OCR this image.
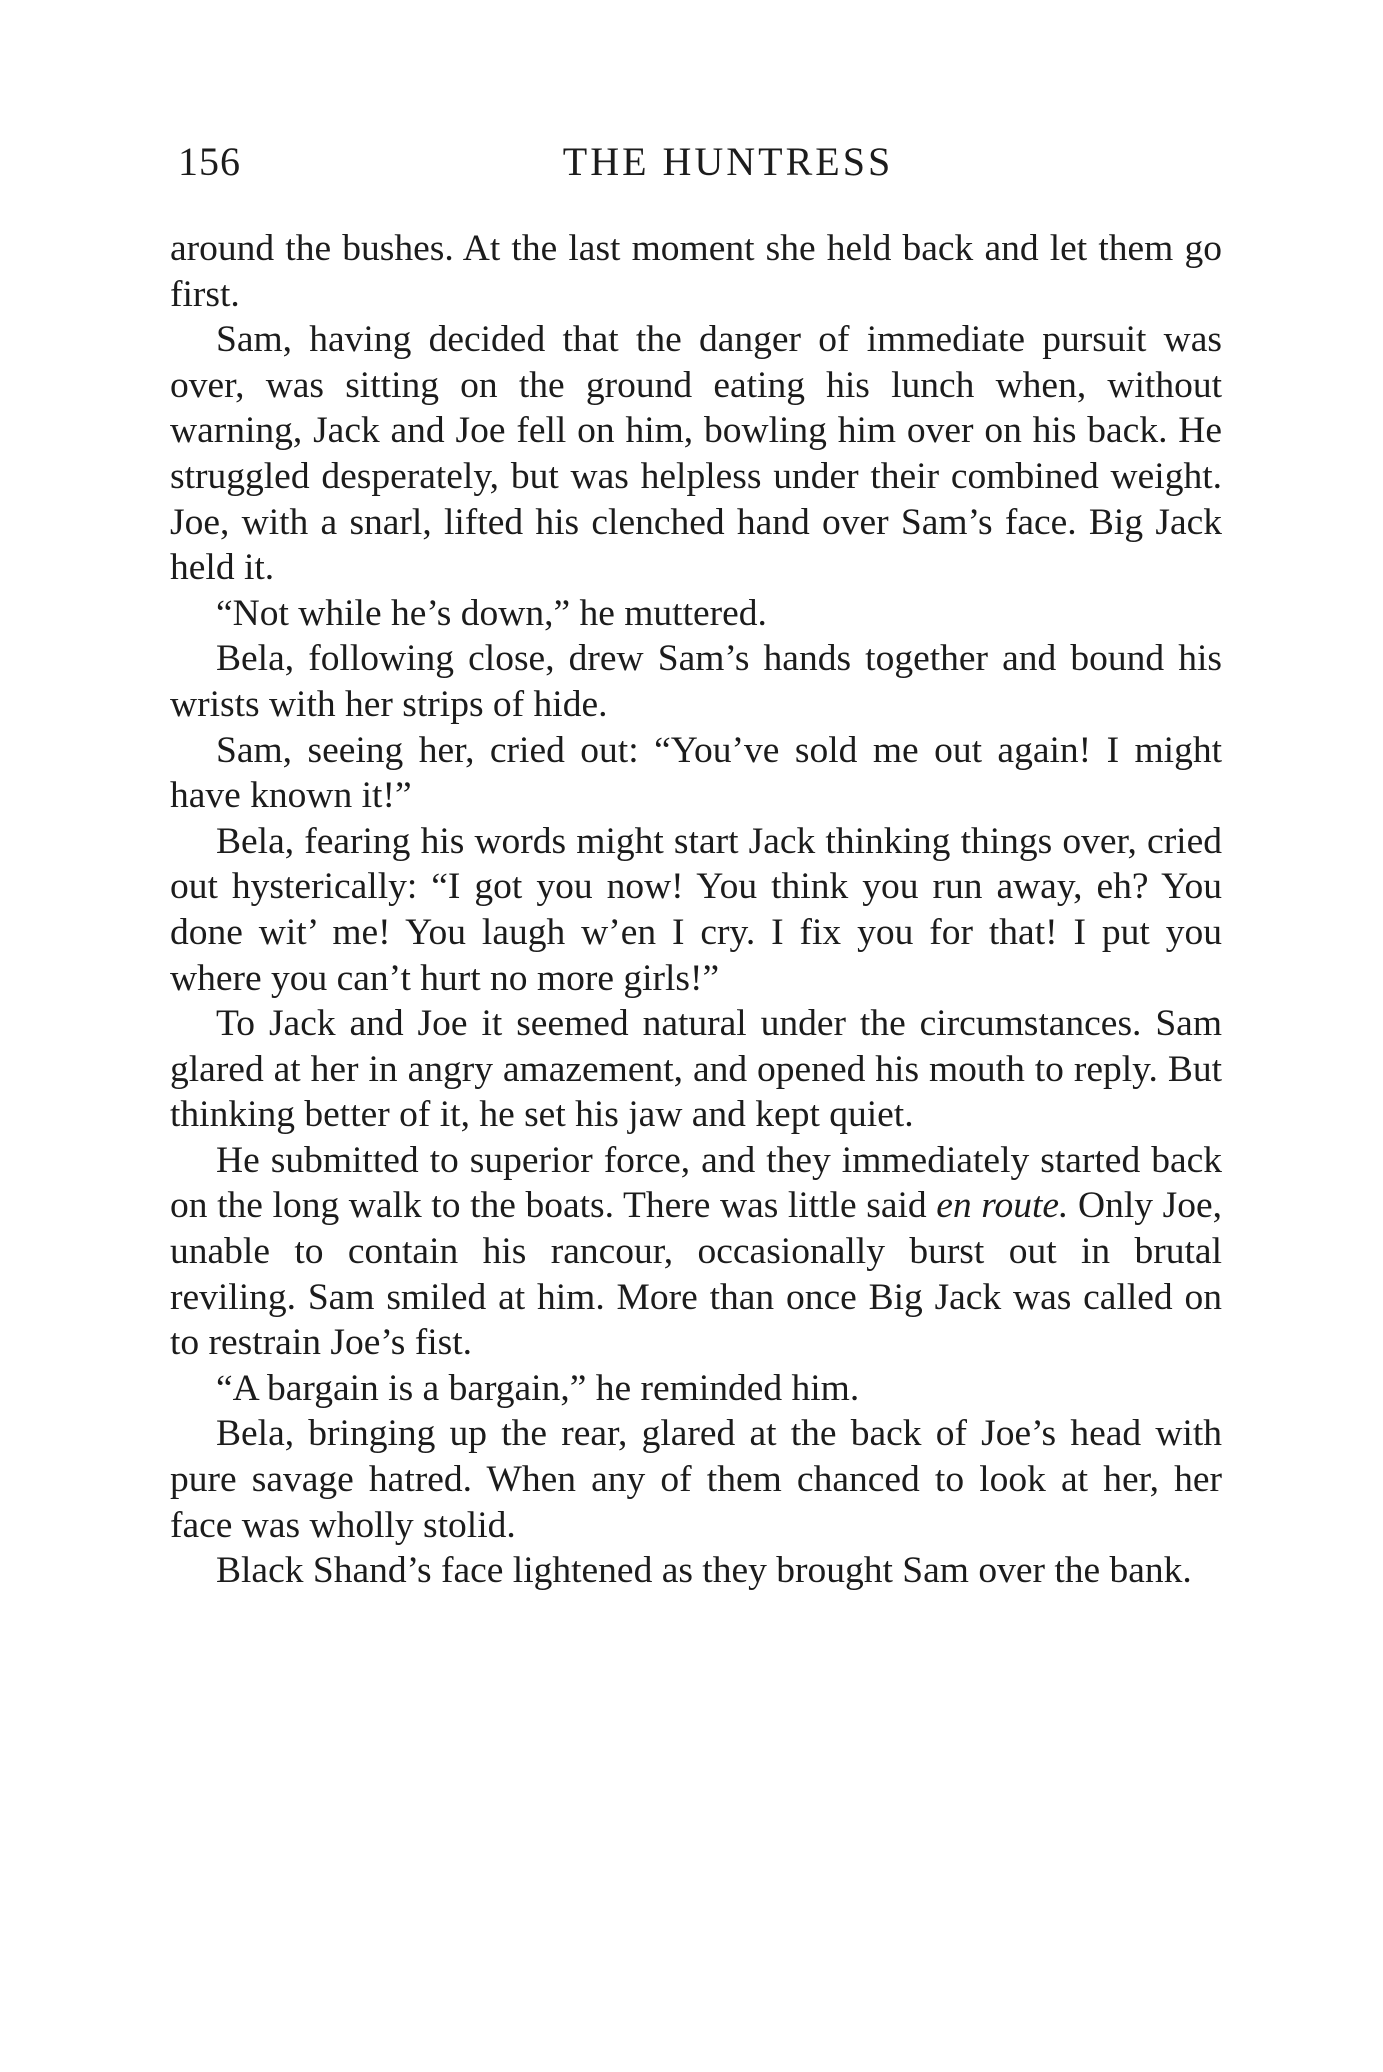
156	THE HUNTRESS

around the bushes. At the last moment she held back and let them go first.

Sam, having decided that the danger of immediate pursuit was over, was sitting on the ground eating his lunch when, without warning, Jack and Joe fell on him, bowling him over on his back. He struggled desperately, but was helpless under their combined weight. Joe, with a snarl, lifted his clenched hand over Sam’s face. Big Jack held it.

“Not while he’s down,” he muttered.

Bela, following close, drew Sam’s hands together and bound his wrists with her strips of hide.

Sam, seeing her, cried out: “You’ve sold me out again! I might have known it!”

Bela, fearing his words might start Jack thinking things over, cried out hysterically: “I got you now! You think you run away, eh? You done wit’ me! You laugh w’en I cry. I fix you for that! I put you where you can’t hurt no more girls!”

To Jack and Joe it seemed natural under the circumstances. Sam glared at her in angry amazement, and opened his mouth to reply. But thinking better of it, he set his jaw and kept quiet.

He submitted to superior force, and they immediately started back on the long walk to the boats. There was little said en route. Only Joe, unable to contain his rancour, occasionally burst out in brutal reviling. Sam smiled at him. More than once Big Jack was called on to restrain Joe’s fist.

“A bargain is a bargain,” he reminded him.

Bela, bringing up the rear, glared at the back of Joe’s head with pure savage hatred. When any of them chanced to look at her, her face was wholly stolid.

Black Shand’s face lightened as they brought Sam over the bank.
